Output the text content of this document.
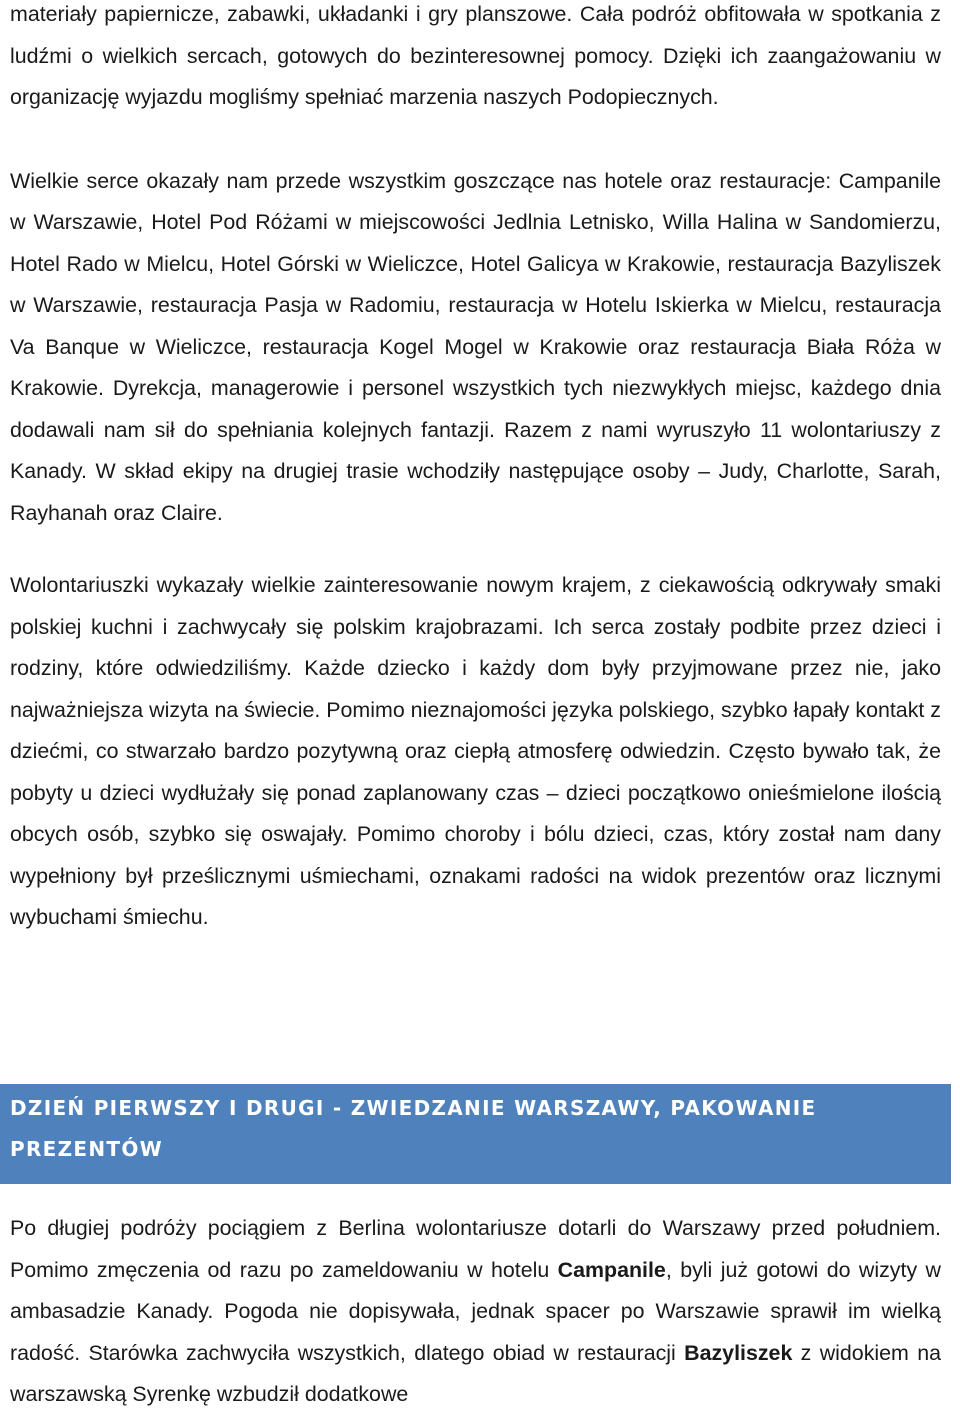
materiały papiernicze, zabawki, układanki i gry planszowe. Cała podróż obfitowała w spotkania z ludźmi o wielkich sercach, gotowych do bezinteresownej pomocy. Dzięki ich zaangażowaniu w organizację wyjazdu mogliśmy spełniać marzenia naszych Podopiecznych.

Wielkie serce okazały nam przede wszystkim goszczące nas hotele oraz restauracje: Campanile w Warszawie, Hotel Pod Różami w miejscowości Jedlnia Letnisko, Willa Halina w Sandomierzu, Hotel Rado w Mielcu, Hotel Górski w Wieliczce, Hotel Galicya w Krakowie, restauracja Bazyliszek w Warszawie, restauracja Pasja w Radomiu, restauracja w Hotelu Iskierka w Mielcu, restauracja Va Banque w Wieliczce, restauracja Kogel Mogel w Krakowie oraz restauracja Biała Róża w Krakowie. Dyrekcja, managerowie i personel wszystkich tych niezwykłych miejsc, każdego dnia dodawali nam sił do spełniania kolejnych fantazji. Razem z nami wyruszyło 11 wolontariuszy z Kanady. W skład ekipy na drugiej trasie wchodziły następujące osoby – Judy, Charlotte, Sarah, Rayhanah oraz Claire.

Wolontariuszki wykazały wielkie zainteresowanie nowym krajem, z ciekawością odkrywały smaki polskiej kuchni i zachwycały się polskim krajobrazami. Ich serca zostały podbite przez dzieci i rodziny, które odwiedziliśmy. Każde dziecko i każdy dom były przyjmowane przez nie, jako najważniejsza wizyta na świecie. Pomimo nieznajomości języka polskiego, szybko łapały kontakt z dziećmi, co stwarzało bardzo pozytywną oraz ciepłą atmosferę odwiedzin. Często bywało tak, że pobyty u dzieci wydłużały się ponad zaplanowany czas – dzieci początkowo onieśmielone ilością obcych osób, szybko się oswajały. Pomimo choroby i bólu dzieci, czas, który został nam dany wypełniony był prześlicznymi uśmiechami, oznakami radości na widok prezentów oraz licznymi wybuchami śmiechu.

DZIEŃ PIERWSZY I DRUGI - ZWIEDZANIE WARSZAWY, PAKOWANIE PREZENTÓW

Po długiej podróży pociągiem z Berlina wolontariusze dotarli do Warszawy przed południem. Pomimo zmęczenia od razu po zameldowaniu w hotelu Campanile, byli już gotowi do wizyty w ambasadzie Kanady. Pogoda nie dopisywała, jednak spacer po Warszawie sprawił im wielką radość. Starówka zachwyciła wszystkich, dlatego obiad w restauracji Bazyliszek z widokiem na warszawską Syrenkę wzbudził dodatkowe
